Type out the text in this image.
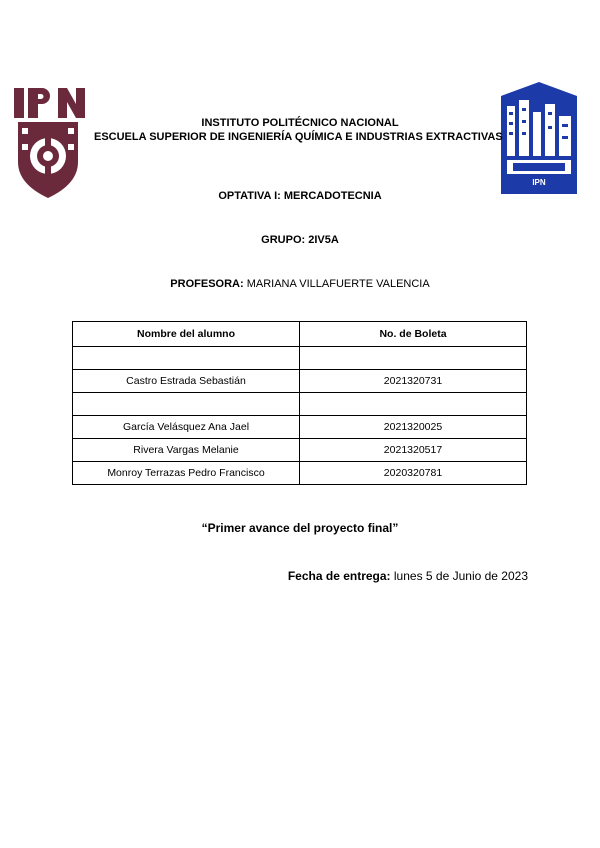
IPN
INSTITUTO POLITÉCNICO NACIONAL
ESCUELA SUPERIOR DE INGENIERÍA QUÍMICA E INDUSTRIAS EXTRACTIVAS
OPTATIVA I: MERCADOTECNIA
GRUPO: 2IV5A
PROFESORA: MARIANA VILLAFUERTE VALENCIA
Nombre del alumno	No. de Boleta

Castro Estrada Sebastián	2021320731

García Velásquez Ana Jael	2021320025
Rivera Vargas Melanie	2021320517
Monroy Terrazas Pedro Francisco	2020320781
“Primer avance del proyecto final”
Fecha de entrega: lunes 5 de Junio de 2023
